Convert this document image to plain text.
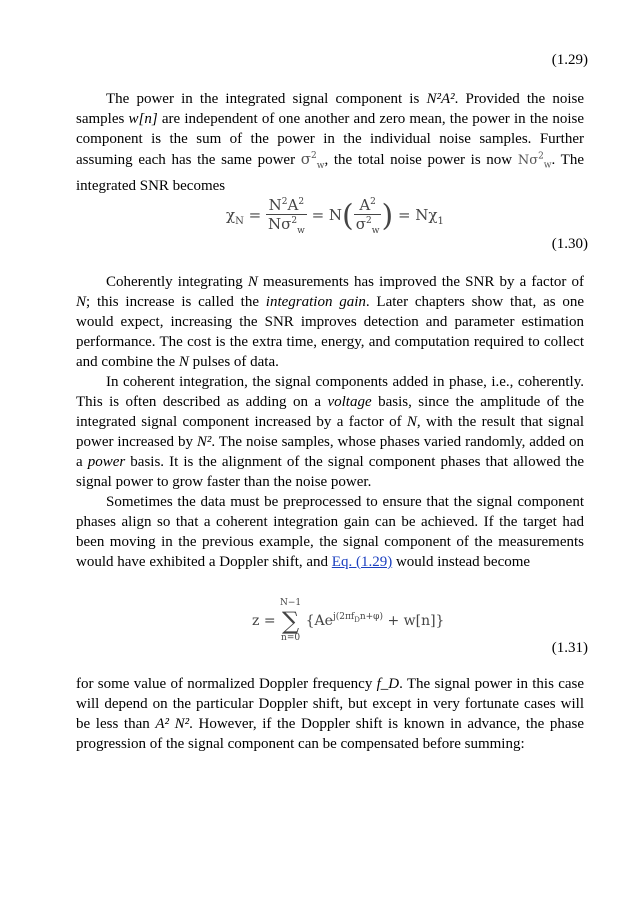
(1.29)

The power in the integrated signal component is N²A². Provided the noise samples w[n] are independent of one another and zero mean, the power in the noise component is the sum of the power in the individual noise samples. Further assuming each has the same power $\sigma^2_w$, the total noise power is now $N\sigma^2_w$. The integrated SNR becomes

$\chi_N = \frac{N^2A^2}{N\sigma^2_w} = N( \frac{A^2}{\sigma^2_w}$ ) = $N\chi_1$
(1.30)

Coherently integrating N measurements has improved the SNR by a factor of N; this increase is called the integration gain. Later chapters show that, as one would expect, increasing the SNR improves detection and parameter estimation performance. The cost is the extra time, energy, and computation required to collect and combine the N pulses of data.

In coherent integration, the signal components added in phase, i.e., coherently. This is often described as adding on a voltage basis, since the amplitude of the integrated signal component increased by a factor of N, with the result that signal power increased by N². The noise samples, whose phases varied randomly, added on a power basis. It is the alignment of the signal component phases that allowed the signal power to grow faster than the noise power.

Sometimes the data must be preprocessed to ensure that the signal component phases align so that a coherent integration gain can be achieved. If the target had been moving in the previous example, the signal component of the measurements would have exhibited a Doppler shift, and Eq. (1.29) would instead become

z =
N−1
∑
n=0
$\{Ae^{j(2\pi f_Dn+\varphi)} + w[n]\}$
(1.31)

for some value of normalized Doppler frequency f_D. The signal power in this case will depend on the particular Doppler shift, but except in very fortunate cases will be less than A² N². However, if the Doppler shift is known in advance, the phase progression of the signal component can be compensated before summing:
